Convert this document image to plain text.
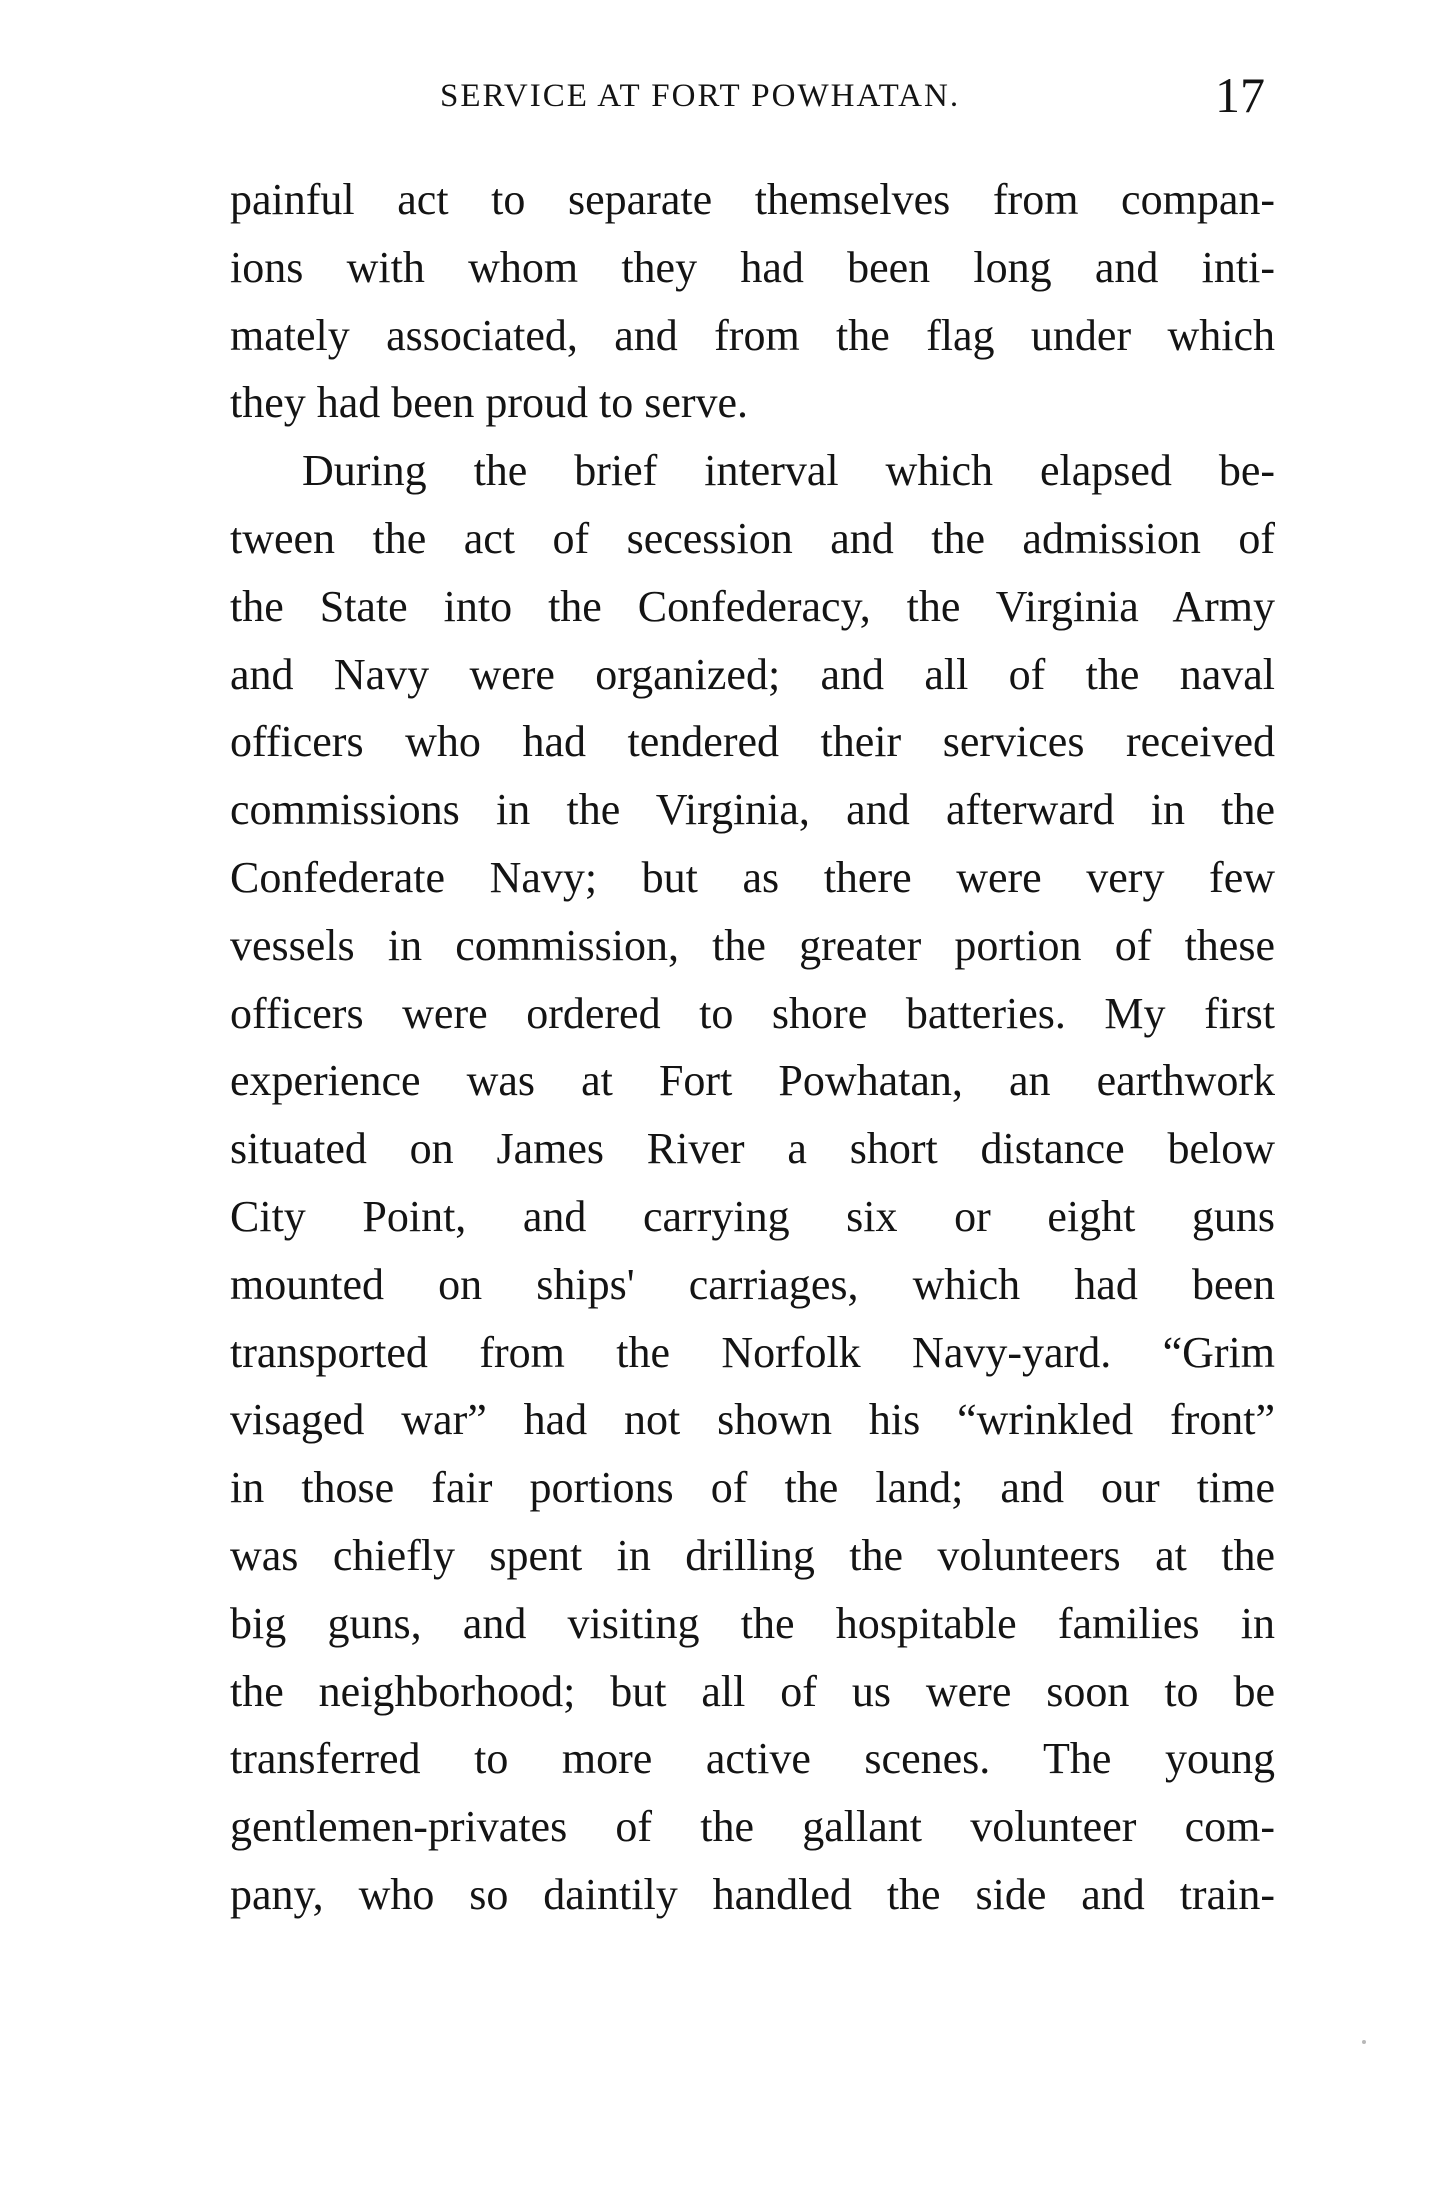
SERVICE AT FORT POWHATAN.	17
painful act to separate themselves from compan-
ions with whom they had been long and inti-
mately associated, and from the flag under which
they had been proud to serve.
During the brief interval which elapsed be-
tween the act of secession and the admission of
the State into the Confederacy, the Virginia Army
and Navy were organized; and all of the naval
officers who had tendered their services received
commissions in the Virginia, and afterward in the
Confederate Navy; but as there were very few
vessels in commission, the greater portion of these
officers were ordered to shore batteries. My first
experience was at Fort Powhatan, an earthwork
situated on James River a short distance below
City Point, and carrying six or eight guns
mounted on ships' carriages, which had been
transported from the Norfolk Navy-yard. “Grim
visaged war” had not shown his “wrinkled front”
in those fair portions of the land; and our time
was chiefly spent in drilling the volunteers at the
big guns, and visiting the hospitable families in
the neighborhood; but all of us were soon to be
transferred to more active scenes. The young
gentlemen-privates of the gallant volunteer com-
pany, who so daintily handled the side and train-
